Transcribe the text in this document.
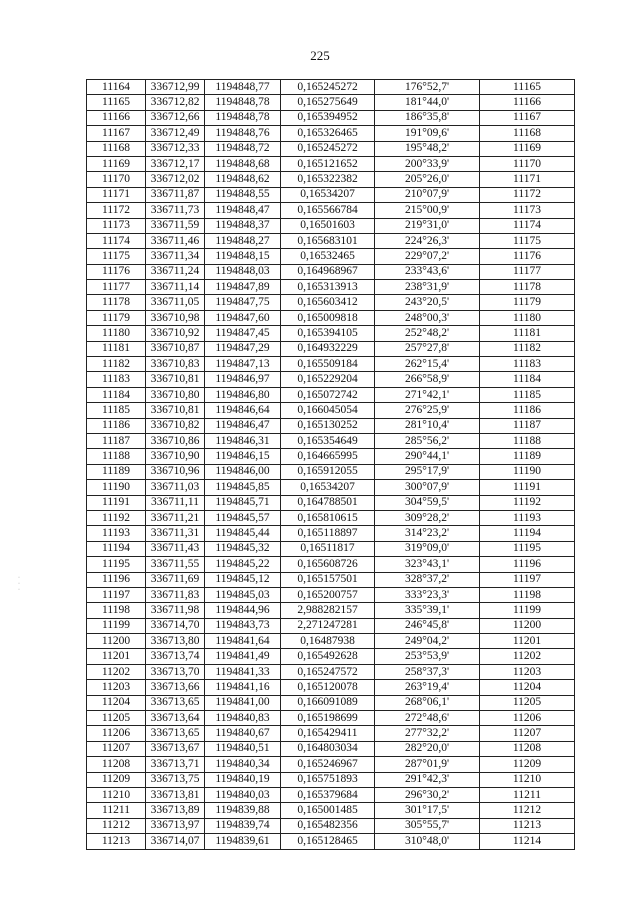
225
·
·
·
11164	336712,99	1194848,77	0,165245272	176°52,7'	11165
11165	336712,82	1194848,78	0,165275649	181°44,0'	11166
11166	336712,66	1194848,78	0,165394952	186°35,8'	11167
11167	336712,49	1194848,76	0,165326465	191°09,6'	11168
11168	336712,33	1194848,72	0,165245272	195°48,2'	11169
11169	336712,17	1194848,68	0,165121652	200°33,9'	11170
11170	336712,02	1194848,62	0,165322382	205°26,0'	11171
11171	336711,87	1194848,55	0,16534207	210°07,9'	11172
11172	336711,73	1194848,47	0,165566784	215°00,9'	11173
11173	336711,59	1194848,37	0,16501603	219°31,0'	11174
11174	336711,46	1194848,27	0,165683101	224°26,3'	11175
11175	336711,34	1194848,15	0,16532465	229°07,2'	11176
11176	336711,24	1194848,03	0,164968967	233°43,6'	11177
11177	336711,14	1194847,89	0,165313913	238°31,9'	11178
11178	336711,05	1194847,75	0,165603412	243°20,5'	11179
11179	336710,98	1194847,60	0,165009818	248°00,3'	11180
11180	336710,92	1194847,45	0,165394105	252°48,2'	11181
11181	336710,87	1194847,29	0,164932229	257°27,8'	11182
11182	336710,83	1194847,13	0,165509184	262°15,4'	11183
11183	336710,81	1194846,97	0,165229204	266°58,9'	11184
11184	336710,80	1194846,80	0,165072742	271°42,1'	11185
11185	336710,81	1194846,64	0,166045054	276°25,9'	11186
11186	336710,82	1194846,47	0,165130252	281°10,4'	11187
11187	336710,86	1194846,31	0,165354649	285°56,2'	11188
11188	336710,90	1194846,15	0,164665995	290°44,1'	11189
11189	336710,96	1194846,00	0,165912055	295°17,9'	11190
11190	336711,03	1194845,85	0,16534207	300°07,9'	11191
11191	336711,11	1194845,71	0,164788501	304°59,5'	11192
11192	336711,21	1194845,57	0,165810615	309°28,2'	11193
11193	336711,31	1194845,44	0,165118897	314°23,2'	11194
11194	336711,43	1194845,32	0,16511817	319°09,0'	11195
11195	336711,55	1194845,22	0,165608726	323°43,1'	11196
11196	336711,69	1194845,12	0,165157501	328°37,2'	11197
11197	336711,83	1194845,03	0,165200757	333°23,3'	11198
11198	336711,98	1194844,96	2,988282157	335°39,1'	11199
11199	336714,70	1194843,73	2,271247281	246°45,8'	11200
11200	336713,80	1194841,64	0,16487938	249°04,2'	11201
11201	336713,74	1194841,49	0,165492628	253°53,9'	11202
11202	336713,70	1194841,33	0,165247572	258°37,3'	11203
11203	336713,66	1194841,16	0,165120078	263°19,4'	11204
11204	336713,65	1194841,00	0,166091089	268°06,1'	11205
11205	336713,64	1194840,83	0,165198699	272°48,6'	11206
11206	336713,65	1194840,67	0,165429411	277°32,2'	11207
11207	336713,67	1194840,51	0,164803034	282°20,0'	11208
11208	336713,71	1194840,34	0,165246967	287°01,9'	11209
11209	336713,75	1194840,19	0,165751893	291°42,3'	11210
11210	336713,81	1194840,03	0,165379684	296°30,2'	11211
11211	336713,89	1194839,88	0,165001485	301°17,5'	11212
11212	336713,97	1194839,74	0,165482356	305°55,7'	11213
11213	336714,07	1194839,61	0,165128465	310°48,0'	11214
